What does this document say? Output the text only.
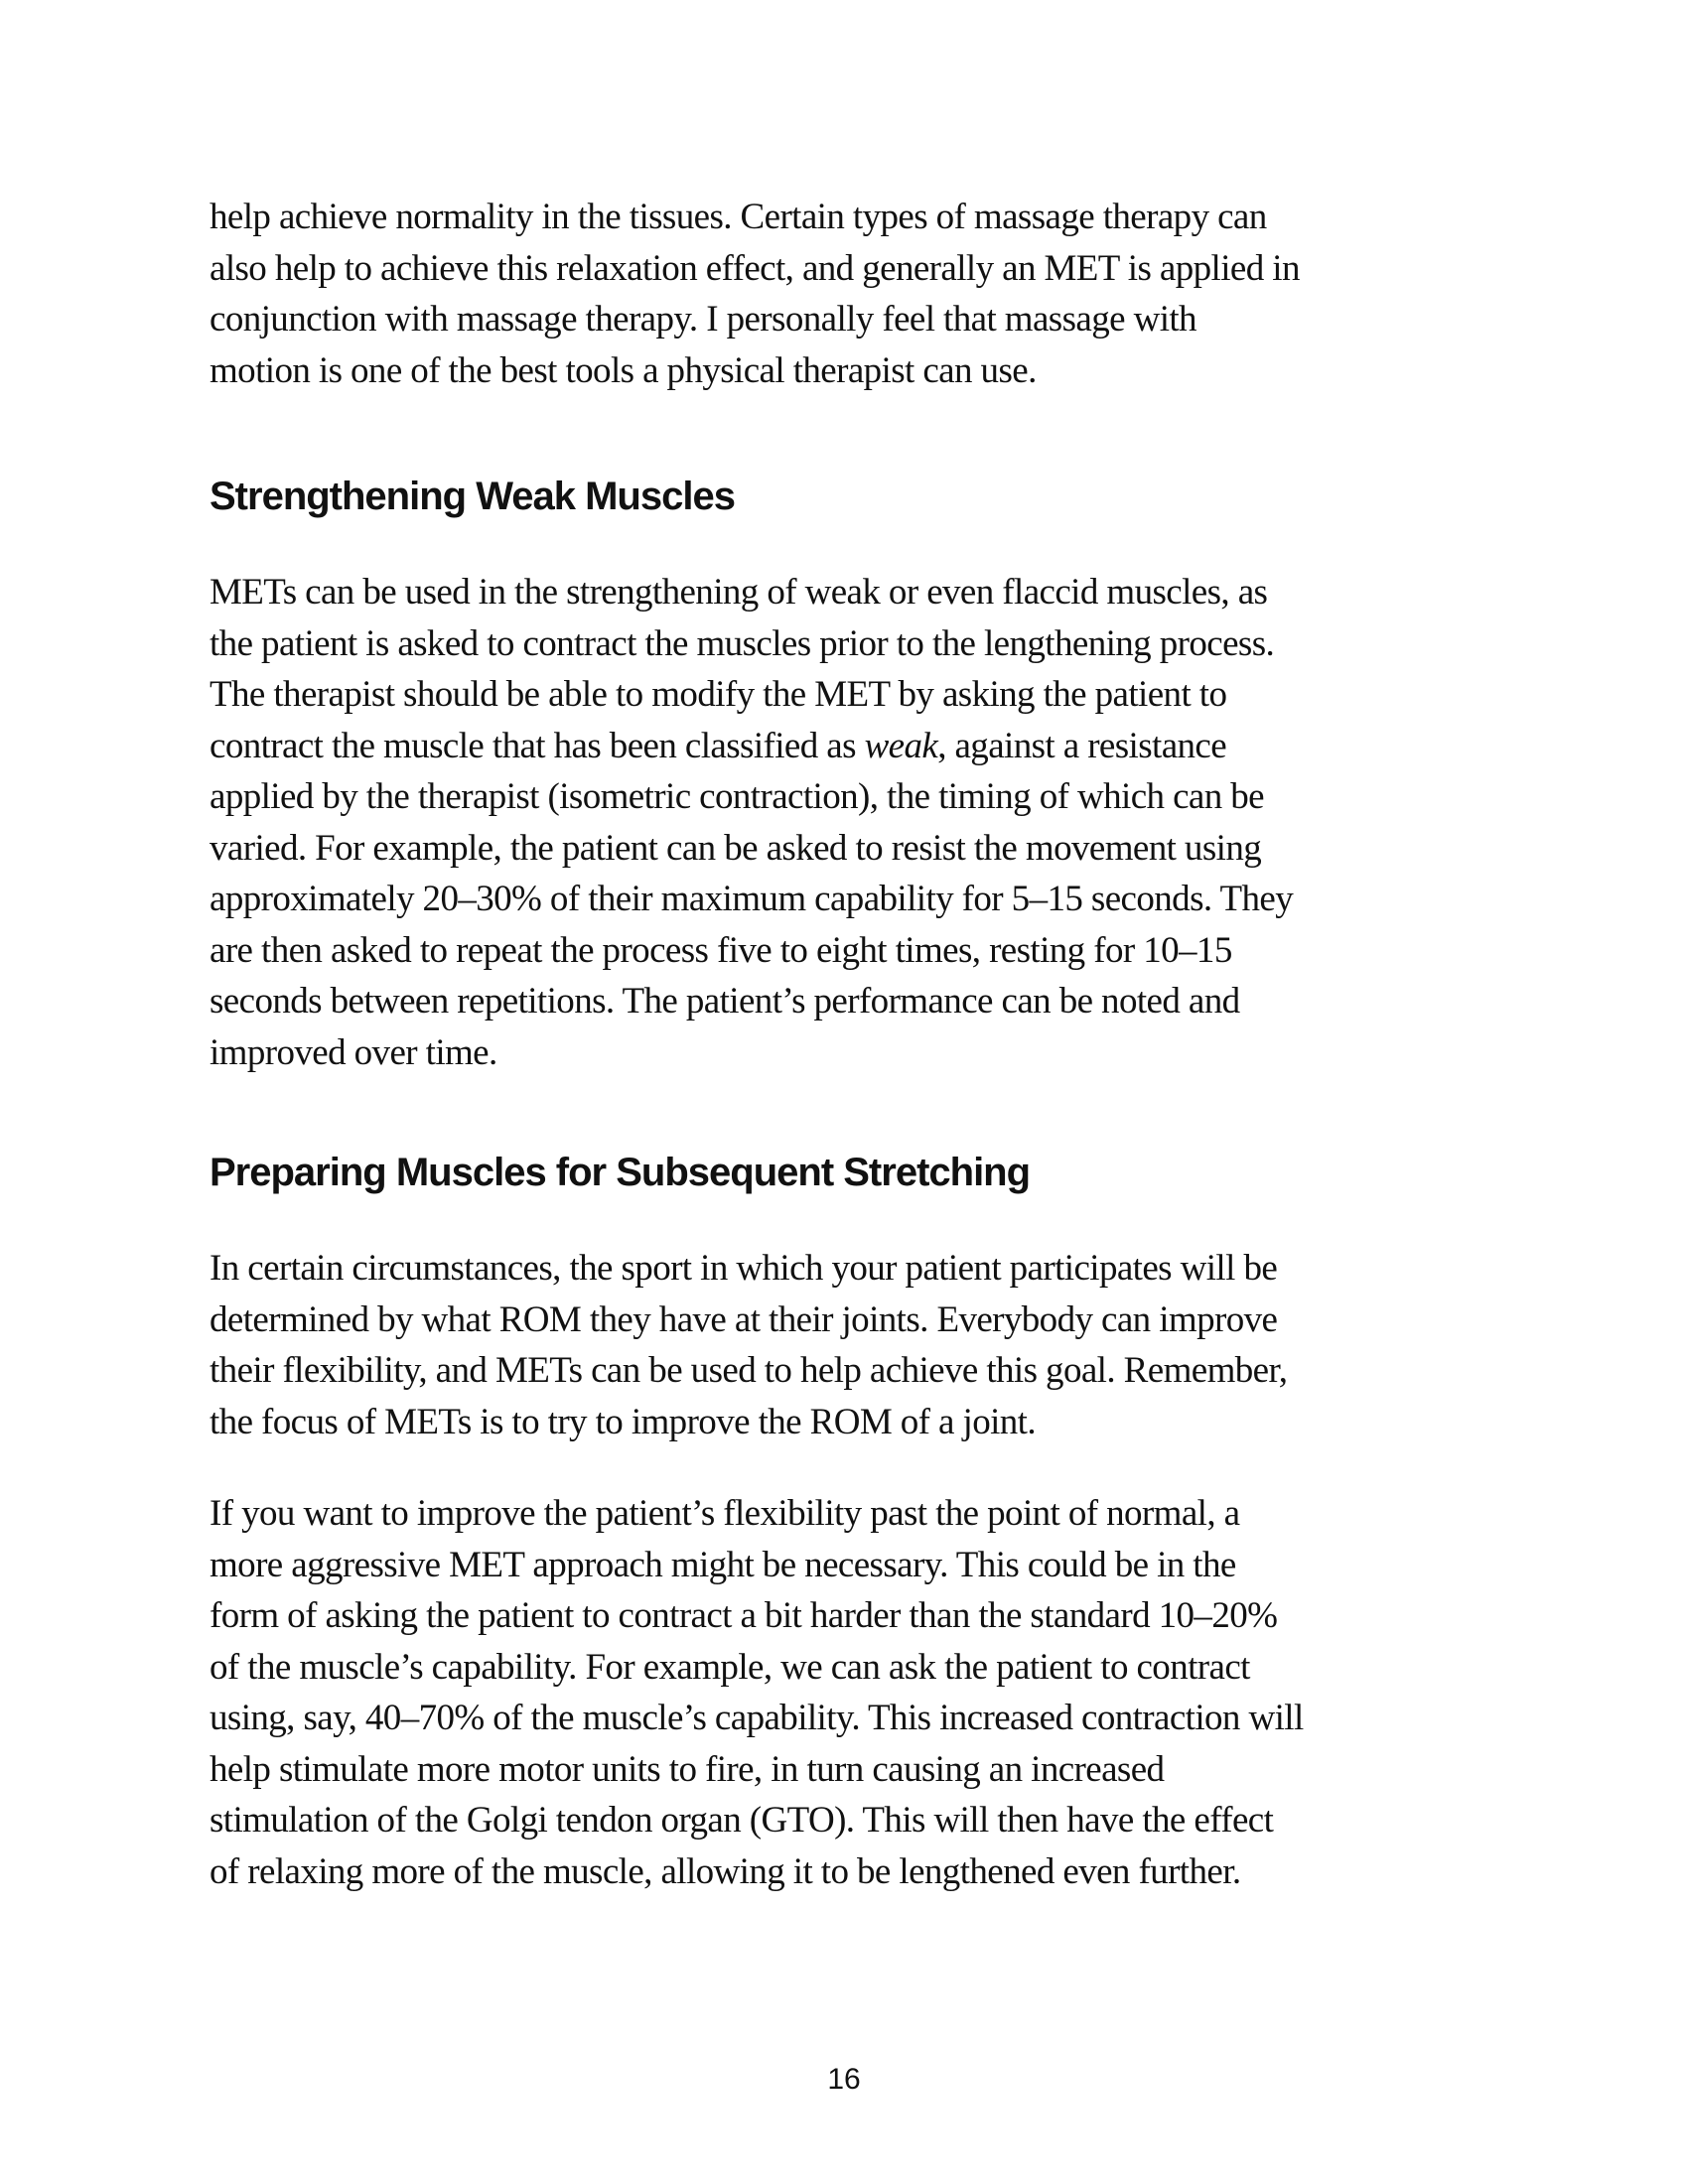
help achieve normality in the tissues. Certain types of massage therapy can
also help to achieve this relaxation effect, and generally an MET is applied in
conjunction with massage therapy. I personally feel that massage with
motion is one of the best tools a physical therapist can use.
Strengthening Weak Muscles
METs can be used in the strengthening of weak or even flaccid muscles, as
the patient is asked to contract the muscles prior to the lengthening process.
The therapist should be able to modify the MET by asking the patient to
contract the muscle that has been classified as weak, against a resistance
applied by the therapist (isometric contraction), the timing of which can be
varied. For example, the patient can be asked to resist the movement using
approximately 20–30% of their maximum capability for 5–15 seconds. They
are then asked to repeat the process five to eight times, resting for 10–15
seconds between repetitions. The patient’s performance can be noted and
improved over time.
Preparing Muscles for Subsequent Stretching
In certain circumstances, the sport in which your patient participates will be
determined by what ROM they have at their joints. Everybody can improve
their flexibility, and METs can be used to help achieve this goal. Remember,
the focus of METs is to try to improve the ROM of a joint.
If you want to improve the patient’s flexibility past the point of normal, a
more aggressive MET approach might be necessary. This could be in the
form of asking the patient to contract a bit harder than the standard 10–20%
of the muscle’s capability. For example, we can ask the patient to contract
using, say, 40–70% of the muscle’s capability. This increased contraction will
help stimulate more motor units to fire, in turn causing an increased
stimulation of the Golgi tendon organ (GTO). This will then have the effect
of relaxing more of the muscle, allowing it to be lengthened even further.
16
